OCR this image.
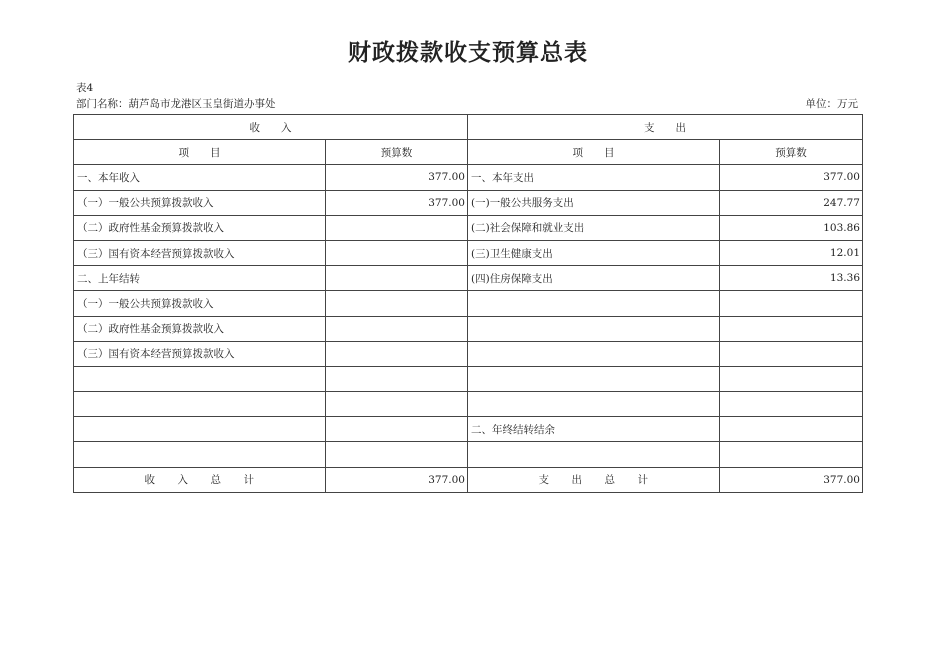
财政拨款收支预算总表
表4
部门名称：葫芦岛市龙港区玉皇街道办事处	单位：万元
收　　入		支　　出	
项　　目	预算数	项　　目	预算数
一、本年收入	377.00	一、本年支出	377.00
（一）一般公共预算拨款收入	377.00	(一)一般公共服务支出	247.77
（二）政府性基金预算拨款收入		(二)社会保障和就业支出	103.86
（三）国有资本经营预算拨款收入		(三)卫生健康支出	12.01
二、上年结转		(四)住房保障支出	13.36
（一）一般公共预算拨款收入			
（二）政府性基金预算拨款收入			
（三）国有资本经营预算拨款收入			

		二、年终结转结余	

收　　入　　总　　计	377.00	支　　出　　总　　计	377.00
